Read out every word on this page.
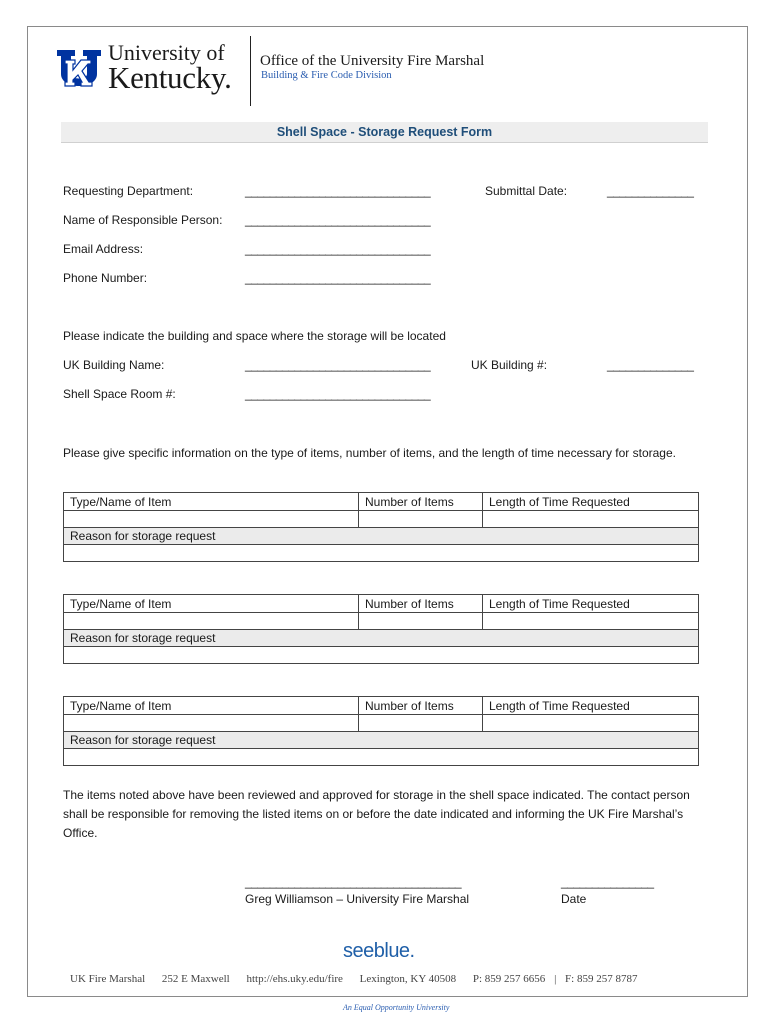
University of
Kentucky. Office of the University Fire Marshal
Building & Fire Code Division
Shell Space - Storage Request Form
Requesting Department:	______________________________	Submittal Date:	______________
Name of Responsible Person: ______________________________
Email Address:	______________________________
Phone Number:	______________________________
Please indicate the building and space where the storage will be located
UK Building Name:	______________________________	UK Building #:	______________
Shell Space Room #:	______________________________
Please give specific information on the type of items, number of items, and the length of time necessary for storage.
Type/Name of Item	Number of Items	Length of Time Requested

Reason for storage request		

Type/Name of Item	Number of Items	Length of Time Requested

Reason for storage request		

Type/Name of Item	Number of Items	Length of Time Requested

Reason for storage request		

The items noted above have been reviewed and approved for storage in the shell space indicated. The contact person shall be responsible for removing the listed items on or before the date indicated and informing the UK Fire Marshal’s Office.
___________________________________
Greg Williamson – University Fire Marshal
_______________
Date
seeblue.
UK Fire Marshal 252 E Maxwell http://ehs.uky.edu/fire Lexington, KY 40508 P: 859 257 6656 | F: 859 257 8787
An Equal Opportunity University
